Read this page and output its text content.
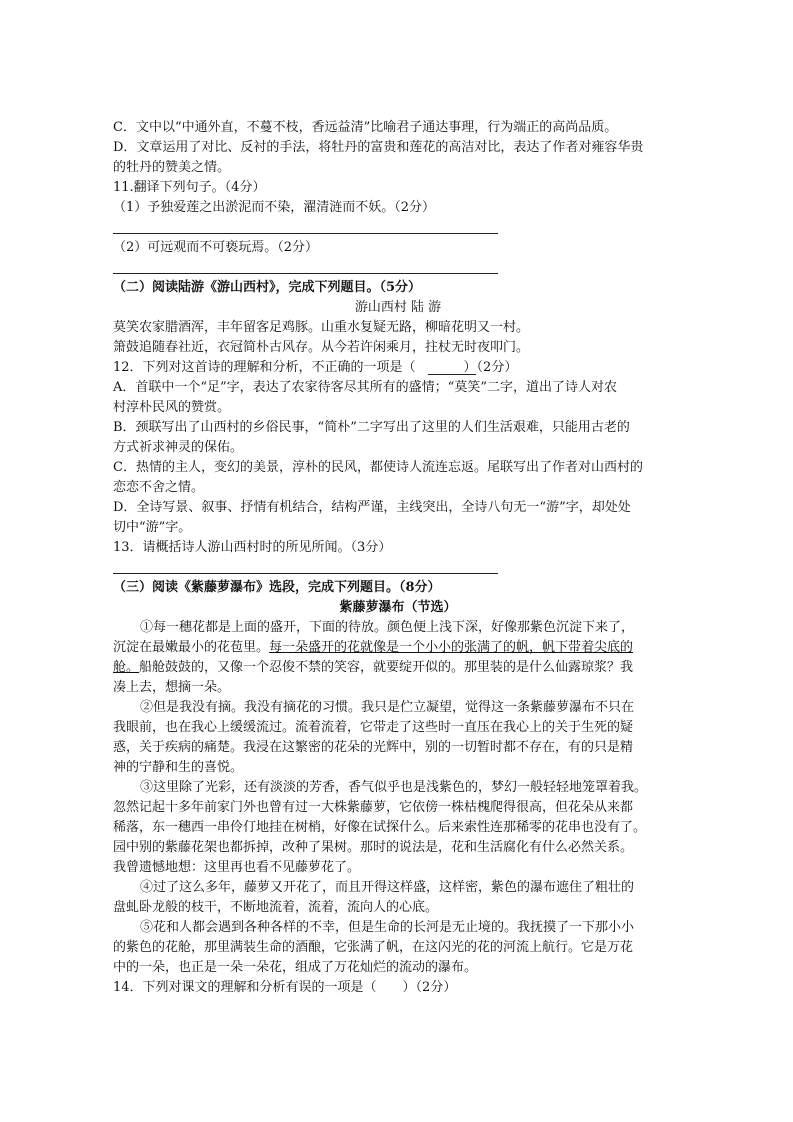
C．文中以“中通外直，不蔓不枝，香远益清”比喻君子通达事理，行为端正的高尚品质。
D．文章运用了对比、反衬的手法，将牡丹的富贵和莲花的高洁对比，表达了作者对雍容华贵
的牡丹的赞美之情。
11.翻译下列句子。（4分）
（1）予独爱莲之出淤泥而不染，濯清涟而不妖。（2分）
（2）可远观而不可亵玩焉。（2分）
（二）阅读陆游《游山西村》，完成下列题目。（5分）
游山西村 陆 游
莫笑农家腊酒浑，丰年留客足鸡豚。山重水复疑无路，柳暗花明又一村。
箫鼓追随春社近，衣冠简朴古风存。从今若许闲乘月，拄杖无时夜叩门。
12．下列对这首诗的理解和分析，不正确的一项是（	）（2分）
A．首联中一个“足”字，表达了农家待客尽其所有的盛情；“莫笑”二字，道出了诗人对农
村淳朴民风的赞赏。
B．颈联写出了山西村的乡俗民事，“简朴”二字写出了这里的人们生活艰难，只能用古老的
方式祈求神灵的保佑。
C．热情的主人，变幻的美景，淳朴的民风，都使诗人流连忘返。尾联写出了作者对山西村的
恋恋不舍之情。
D．全诗写景、叙事、抒情有机结合，结构严谨，主线突出，全诗八句无一“游”字，却处处
切中“游”字。
13．请概括诗人游山西村时的所见所闻。（3分）
（三）阅读《紫藤萝瀑布》选段，完成下列题目。（8分）
紫藤萝瀑布（节选）
①每一穗花都是上面的盛开，下面的待放。颜色便上浅下深，好像那紫色沉淀下来了，
沉淀在最嫩最小的花苞里。每一朵盛开的花就像是一个小小的张满了的帆，帆下带着尖底的
舱。船舱鼓鼓的，又像一个忍俊不禁的笑容，就要绽开似的。那里装的是什么仙露琼浆？我
凑上去，想摘一朵。
②但是我没有摘。我没有摘花的习惯。我只是伫立凝望，觉得这一条紫藤萝瀑布不只在
我眼前，也在我心上缓缓流过。流着流着，它带走了这些时一直压在我心上的关于生死的疑
惑，关于疾病的痛楚。我浸在这繁密的花朵的光辉中，别的一切暂时都不存在，有的只是精
神的宁静和生的喜悦。
③这里除了光彩，还有淡淡的芳香，香气似乎也是浅紫色的，梦幻一般轻轻地笼罩着我。
忽然记起十多年前家门外也曾有过一大株紫藤萝，它依傍一株枯槐爬得很高，但花朵从来都
稀落，东一穗西一串伶仃地挂在树梢，好像在试探什么。后来索性连那稀零的花串也没有了。
园中别的紫藤花架也都拆掉，改种了果树。那时的说法是，花和生活腐化有什么必然关系。
我曾遗憾地想：这里再也看不见藤萝花了。
④过了这么多年，藤萝又开花了，而且开得这样盛，这样密，紫色的瀑布遮住了粗壮的
盘虬卧龙般的枝干，不断地流着，流着，流向人的心底。
⑤花和人都会遇到各种各样的不幸，但是生命的长河是无止境的。我抚摸了一下那小小
的紫色的花舱，那里满装生命的酒酿，它张满了帆，在这闪光的花的河流上航行。它是万花
中的一朵，也正是一朵一朵花，组成了万花灿烂的流动的瀑布。
14．下列对课文的理解和分析有误的一项是（　　）（2分）
